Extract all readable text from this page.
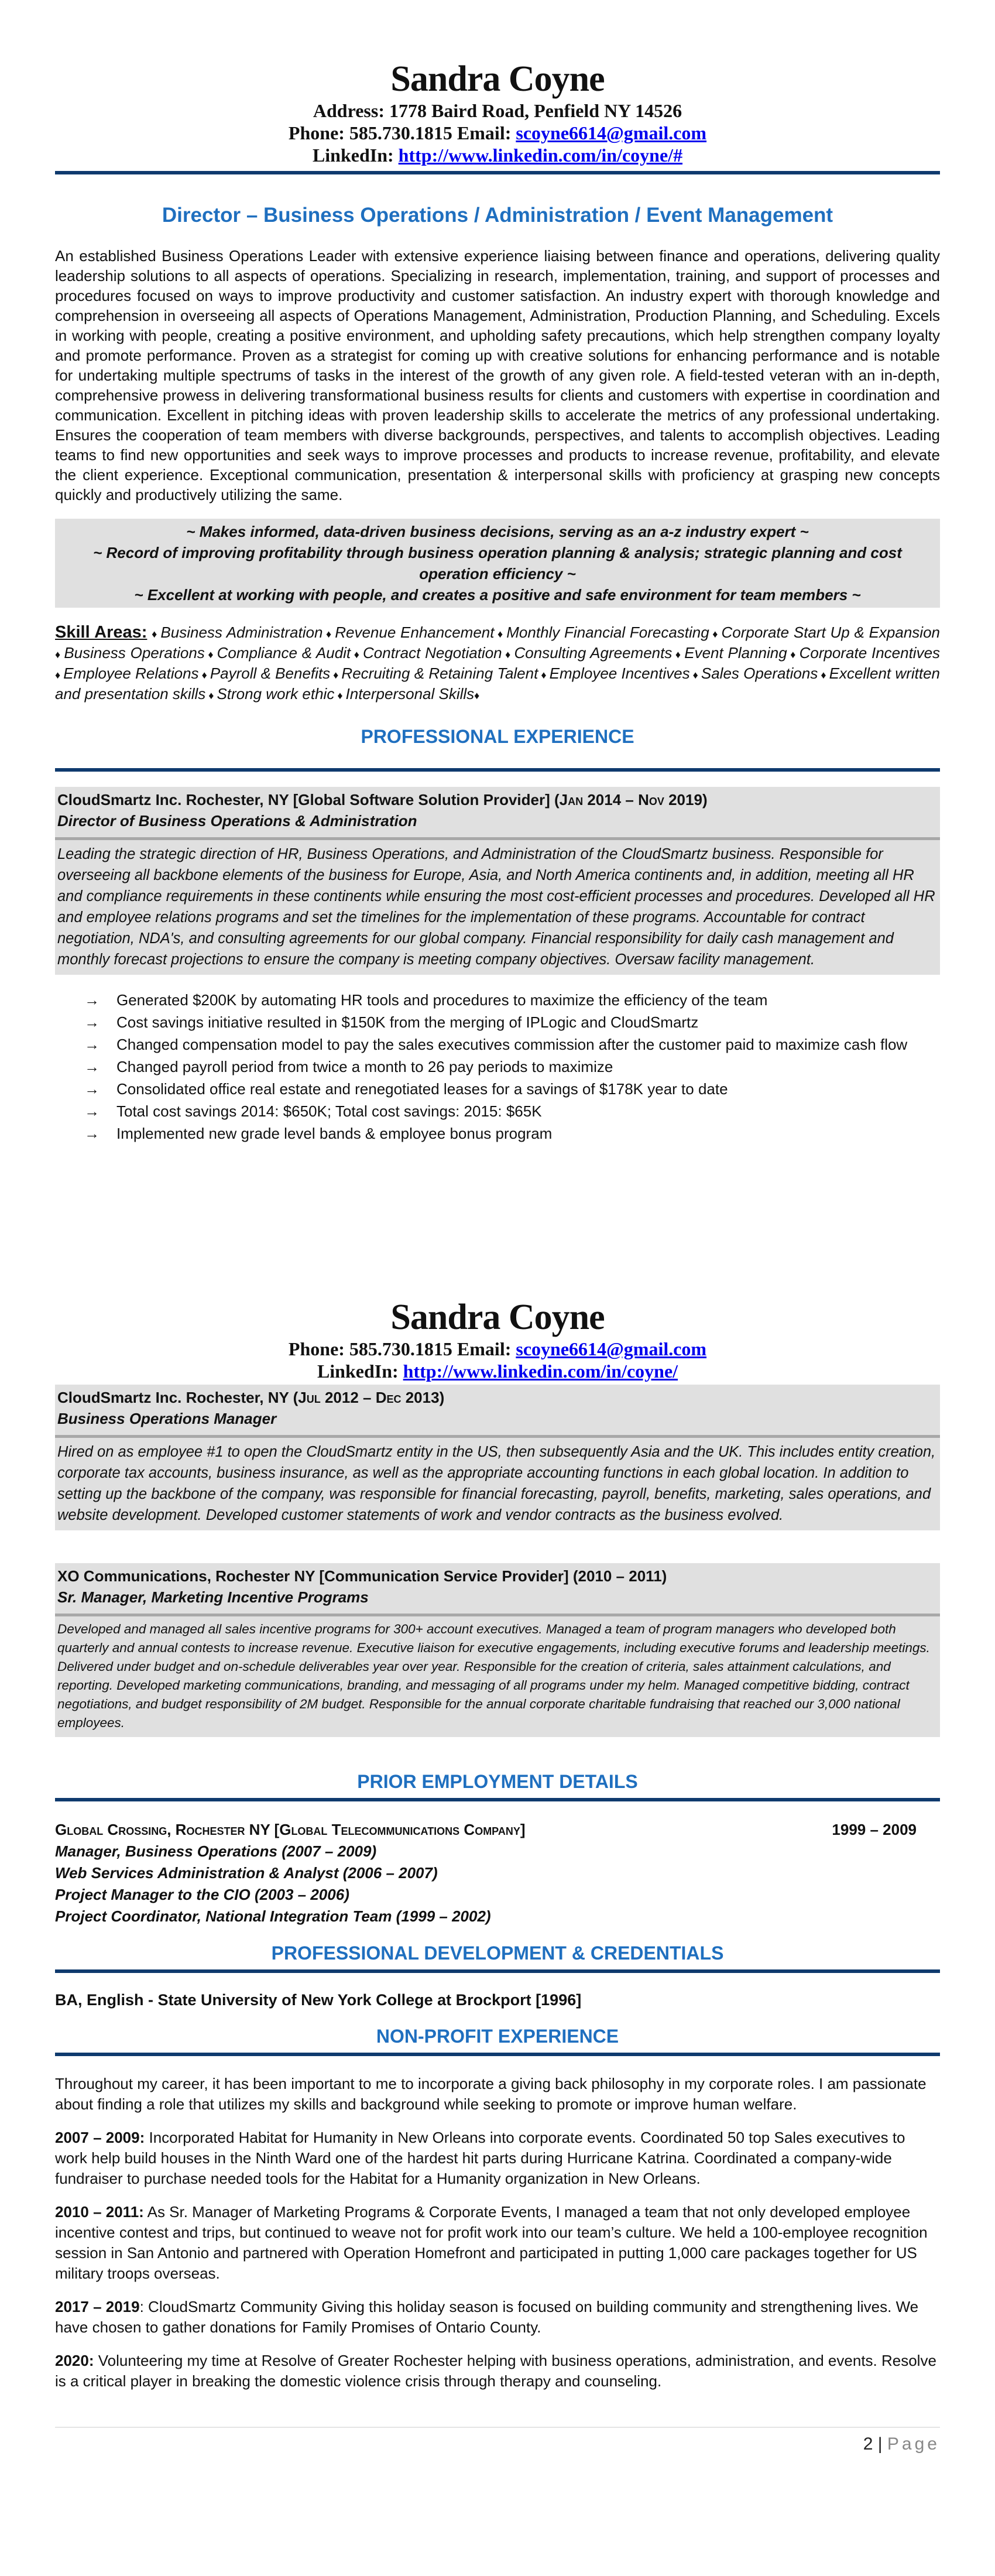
Sandra Coyne
Address: 1778 Baird Road, Penfield NY 14526
Phone: 585.730.1815 Email: scoyne6614@gmail.com
LinkedIn: http://www.linkedin.com/in/coyne/#
Director – Business Operations / Administration / Event Management
An established Business Operations Leader with extensive experience liaising between finance and operations, delivering quality leadership solutions to all aspects of operations. Specializing in research, implementation, training, and support of processes and procedures focused on ways to improve productivity and customer satisfaction. An industry expert with thorough knowledge and comprehension in overseeing all aspects of Operations Management, Administration, Production Planning, and Scheduling. Excels in working with people, creating a positive environment, and upholding safety precautions, which help strengthen company loyalty and promote performance. Proven as a strategist for coming up with creative solutions for enhancing performance and is notable for undertaking multiple spectrums of tasks in the interest of the growth of any given role. A field-tested veteran with an in-depth, comprehensive prowess in delivering transformational business results for clients and customers with expertise in coordination and communication. Excellent in pitching ideas with proven leadership skills to accelerate the metrics of any professional undertaking. Ensures the cooperation of team members with diverse backgrounds, perspectives, and talents to accomplish objectives. Leading teams to find new opportunities and seek ways to improve processes and products to increase revenue, profitability, and elevate the client experience. Exceptional communication, presentation & interpersonal skills with proficiency at grasping new concepts quickly and productively utilizing the same.
~ Makes informed, data-driven business decisions, serving as an a-z industry expert ~
~ Record of improving profitability through business operation planning & analysis; strategic planning and cost operation efficiency ~
~ Excellent at working with people, and creates a positive and safe environment for team members ~
Skill Areas: ♦ Business Administration ♦ Revenue Enhancement ♦ Monthly Financial Forecasting ♦ Corporate Start Up & Expansion ♦ Business Operations ♦ Compliance & Audit ♦ Contract Negotiation ♦ Consulting Agreements ♦ Event Planning ♦ Corporate Incentives ♦ Employee Relations ♦ Payroll & Benefits ♦ Recruiting & Retaining Talent ♦ Employee Incentives ♦ Sales Operations ♦ Excellent written and presentation skills ♦ Strong work ethic ♦ Interpersonal Skills♦
PROFESSIONAL EXPERIENCE
CloudSmartz Inc. Rochester, NY [Global Software Solution Provider] (Jan 2014 – Nov 2019)
Director of Business Operations & Administration
Leading the strategic direction of HR, Business Operations, and Administration of the CloudSmartz business. Responsible for overseeing all backbone elements of the business for Europe, Asia, and North America continents and, in addition, meeting all HR and compliance requirements in these continents while ensuring the most cost-efficient processes and procedures. Developed all HR and employee relations programs and set the timelines for the implementation of these programs. Accountable for contract negotiation, NDA's, and consulting agreements for our global company. Financial responsibility for daily cash management and monthly forecast projections to ensure the company is meeting company objectives. Oversaw facility management.
→ Generated $200K by automating HR tools and procedures to maximize the efficiency of the team
→ Cost savings initiative resulted in $150K from the merging of IPLogic and CloudSmartz
→ Changed compensation model to pay the sales executives commission after the customer paid to maximize cash flow
→ Changed payroll period from twice a month to 26 pay periods to maximize
→ Consolidated office real estate and renegotiated leases for a savings of $178K year to date
→ Total cost savings 2014: $650K; Total cost savings: 2015: $65K
→ Implemented new grade level bands & employee bonus program
Sandra Coyne
Phone: 585.730.1815 Email: scoyne6614@gmail.com
LinkedIn: http://www.linkedin.com/in/coyne/
CloudSmartz Inc. Rochester, NY (Jul 2012 – Dec 2013)
Business Operations Manager
Hired on as employee #1 to open the CloudSmartz entity in the US, then subsequently Asia and the UK. This includes entity creation, corporate tax accounts, business insurance, as well as the appropriate accounting functions in each global location. In addition to setting up the backbone of the company, was responsible for financial forecasting, payroll, benefits, marketing, sales operations, and website development. Developed customer statements of work and vendor contracts as the business evolved.
XO Communications, Rochester NY [Communication Service Provider] (2010 – 2011)
Sr. Manager, Marketing Incentive Programs
Developed and managed all sales incentive programs for 300+ account executives. Managed a team of program managers who developed both quarterly and annual contests to increase revenue. Executive liaison for executive engagements, including executive forums and leadership meetings. Delivered under budget and on-schedule deliverables year over year. Responsible for the creation of criteria, sales attainment calculations, and reporting. Developed marketing communications, branding, and messaging of all programs under my helm. Managed competitive bidding, contract negotiations, and budget responsibility of 2M budget. Responsible for the annual corporate charitable fundraising that reached our 3,000 national employees.
PRIOR EMPLOYMENT DETAILS
Global Crossing, Rochester NY [Global Telecommunications Company]	1999 – 2009
Manager, Business Operations (2007 – 2009)
Web Services Administration & Analyst (2006 – 2007)
Project Manager to the CIO (2003 – 2006)
Project Coordinator, National Integration Team (1999 – 2002)
PROFESSIONAL DEVELOPMENT & CREDENTIALS
BA, English - State University of New York College at Brockport [1996]
NON-PROFIT EXPERIENCE

Throughout my career, it has been important to me to incorporate a giving back philosophy in my corporate roles. I am passionate about finding a role that utilizes my skills and background while seeking to promote or improve human welfare.

2007 – 2009: Incorporated Habitat for Humanity in New Orleans into corporate events. Coordinated 50 top Sales executives to work help build houses in the Ninth Ward one of the hardest hit parts during Hurricane Katrina. Coordinated a company-wide fundraiser to purchase needed tools for the Habitat for a Humanity organization in New Orleans.

2010 – 2011: As Sr. Manager of Marketing Programs & Corporate Events, I managed a team that not only developed employee incentive contest and trips, but continued to weave not for profit work into our team’s culture. We held a 100-employee recognition session in San Antonio and partnered with Operation Homefront and participated in putting 1,000 care packages together for US military troops overseas.

2017 – 2019: CloudSmartz Community Giving this holiday season is focused on building community and strengthening lives. We have chosen to gather donations for Family Promises of Ontario County.

2020: Volunteering my time at Resolve of Greater Rochester helping with business operations, administration, and events. Resolve is a critical player in breaking the domestic violence crisis through therapy and counseling.

2 | Page
